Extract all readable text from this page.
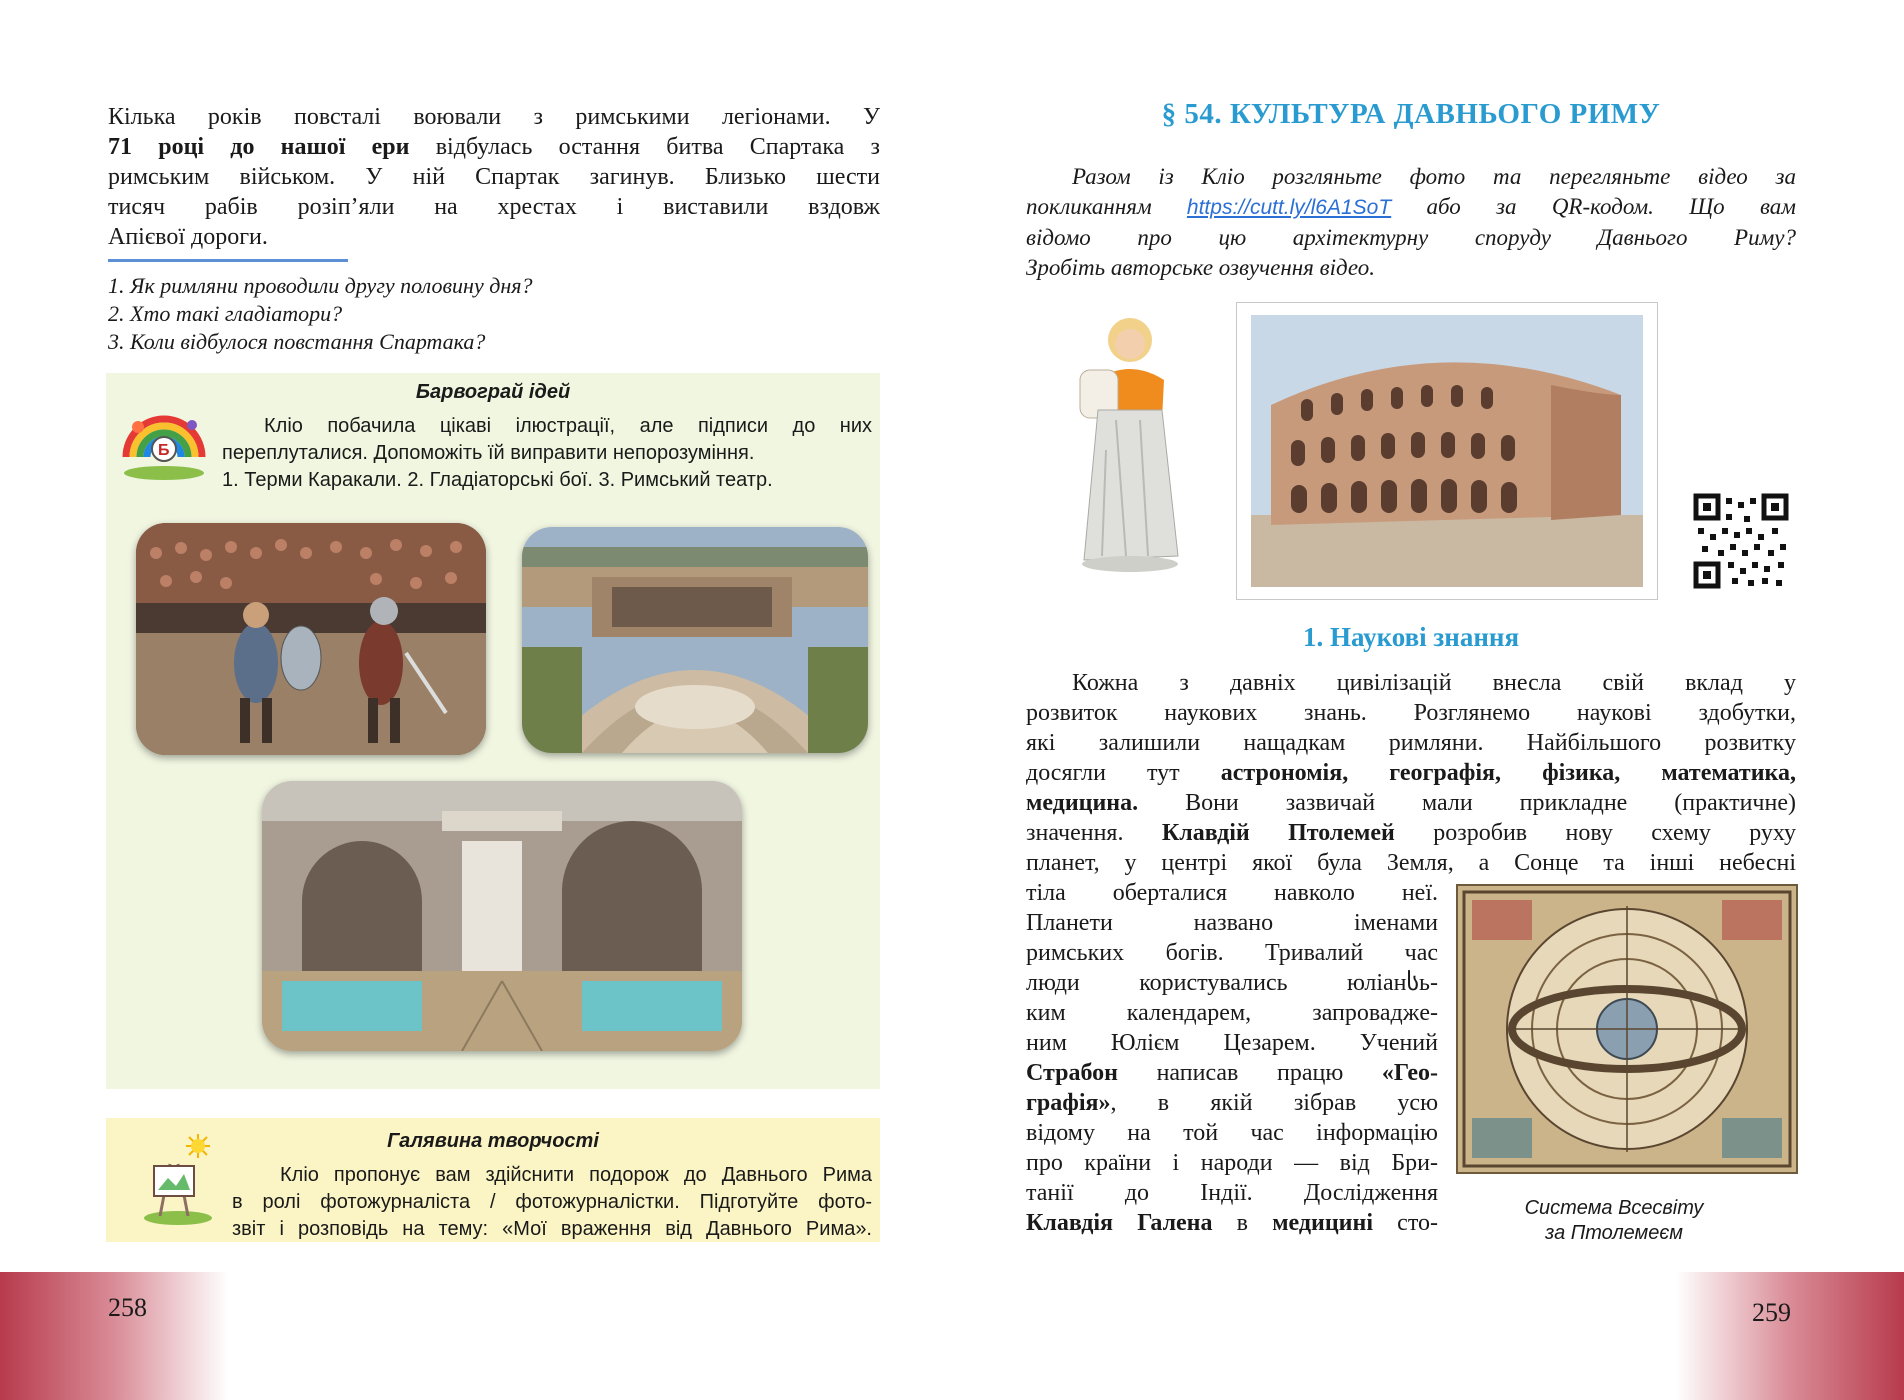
Кілька років повсталі воювали з римськими легіонами. У
71 році до нашої ери відбулась остання битва Спартака з
римським військом. У ній Спартак загинув. Близько шести
тисяч рабів розіп’яли на хрестах і виставили вздовж
Апієвої дороги.
1. Як римляни проводили другу половину дня?
2. Хто такі гладіатори?
3. Коли відбулося повстання Спартака?
Б
Барвограй ідей
Кліо побачила цікаві ілюстрації, але підписи до них
переплуталися. Допоможіть їй виправити непорозуміння.
1. Терми Каракали. 2. Гладіаторські бої. 3. Римський театр.
Галявина творчості
Кліо пропонує вам здійснити подорож до Давнього Рима
в ролі фотожурналіста / фотожурналістки. Підготуйте фото-
звіт і розповідь на тему: «Мої враження від Давнього Рима».
§ 54. КУЛЬТУРА ДАВНЬОГО РИМУ
Разом із Кліо розгляньте фото та перегляньте відео за
покликанням https://cutt.ly/l6A1SoT або за QR-кодом. Що вам
відомо про цю архітектурну споруду Давнього Риму?
Зробіть авторське озвучення відео.
1. Наукові знання
Кожна з давніх цивілізацій внесла свій вклад у
розвиток наукових знань. Розглянемо наукові здобутки,
які залишили нащадкам римляни. Найбільшого розвитку
досягли тут астрономія, географія, фізика, математика,
медицина. Вони зазвичай мали прикладне (практичне)
значення. Клавдій Птолемей розробив нову схему руху
планет, у центрі якої була Земля, а Сонце та інші небесні
тіла оберталися навколо неї.
Планети названо іменами
римських богів. Тривалий час
люди користувались юліанსь-
ким календарем, запроваджe-
ним Юлієм Цезарем. Учений
Страбон написав працю «Гео-
графія», в якій зібрав усю
відому на той час інформацію
про країни і народи — від Бри-
танії до Індії. Дослідження
Клавдія Галена в медицині сто-
Система Всесвіту
за Птолемеєм
258	259
